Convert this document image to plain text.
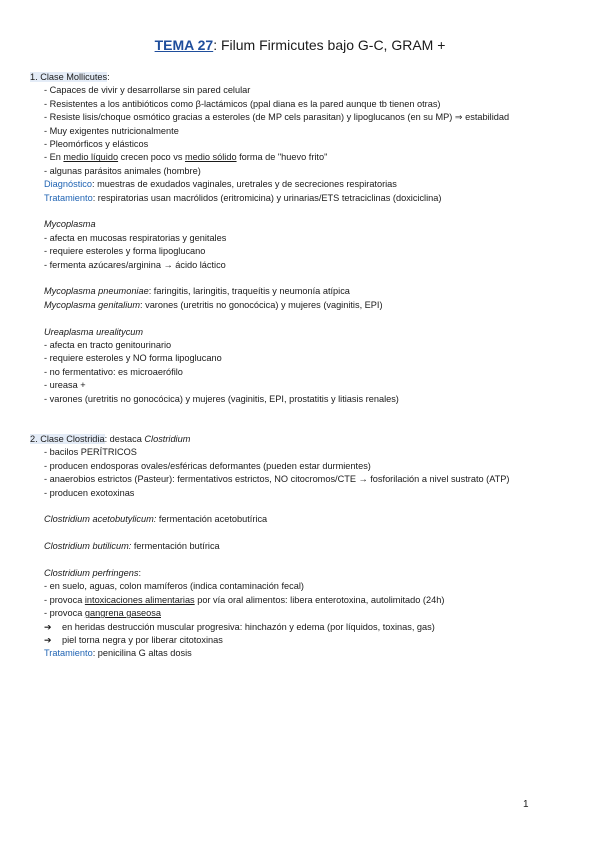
TEMA 27: Filum Firmicutes bajo G-C, GRAM +
1. Clase Mollicutes:
- Capaces de vivir y desarrollarse sin pared celular
- Resistentes a los antibióticos como β-lactámicos (ppal diana es la pared aunque tb tienen otras)
- Resiste lisis/choque osmótico gracias a esteroles (de MP cels parasitan) y lipoglucanos (en su MP) ⇒ estabilidad
- Muy exigentes nutricionalmente
- Pleomórficos y elásticos
- En medio líquido crecen poco vs medio sólido forma de "huevo frito"
- algunas parásitos animales (hombre)
Diagnóstico: muestras de exudados vaginales, uretrales y de secreciones respiratorias
Tratamiento: respiratorias usan macrólidos (eritromicina) y urinarias/ETS tetraciclinas (doxiciclina)
Mycoplasma
- afecta en mucosas respiratorias y genitales
- requiere esteroles y forma lipoglucano
- fermenta azúcares/arginina → ácido láctico
Mycoplasma pneumoniae: faringitis, laringitis, traqueítis y neumonía atípica
Mycoplasma genitalium: varones (uretritis no gonocócica) y mujeres (vaginitis, EPI)
Ureaplasma urealitycum
- afecta en tracto genitourinario
- requiere esteroles y NO forma lipoglucano
- no fermentativo: es microaerófilo
- ureasa +
- varones (uretritis no gonocócica) y mujeres (vaginitis, EPI, prostatitis y litiasis renales)
2. Clase Clostridia: destaca Clostridium
- bacilos PERÍTRICOS
- producen endosporas ovales/esféricas deformantes (pueden estar durmientes)
- anaerobios estrictos (Pasteur): fermentativos estrictos, NO citocromos/CTE → fosforilación a nivel sustrato (ATP)
- producen exotoxinas
Clostridium acetobutylicum: fermentación acetobutírica
Clostridium butilicum: fermentación butírica
Clostridium perfringens:
- en suelo, aguas, colon mamíferos (indica contaminación fecal)
- provoca intoxicaciones alimentarias por vía oral alimentos: libera enterotoxina, autolimitado (24h)
- provoca gangrena gaseosa
➔ en heridas destrucción muscular progresiva: hinchazón y edema (por líquidos, toxinas, gas)
➔ piel torna negra y por liberar citotoxinas
Tratamiento: penicilina G altas dosis
1
